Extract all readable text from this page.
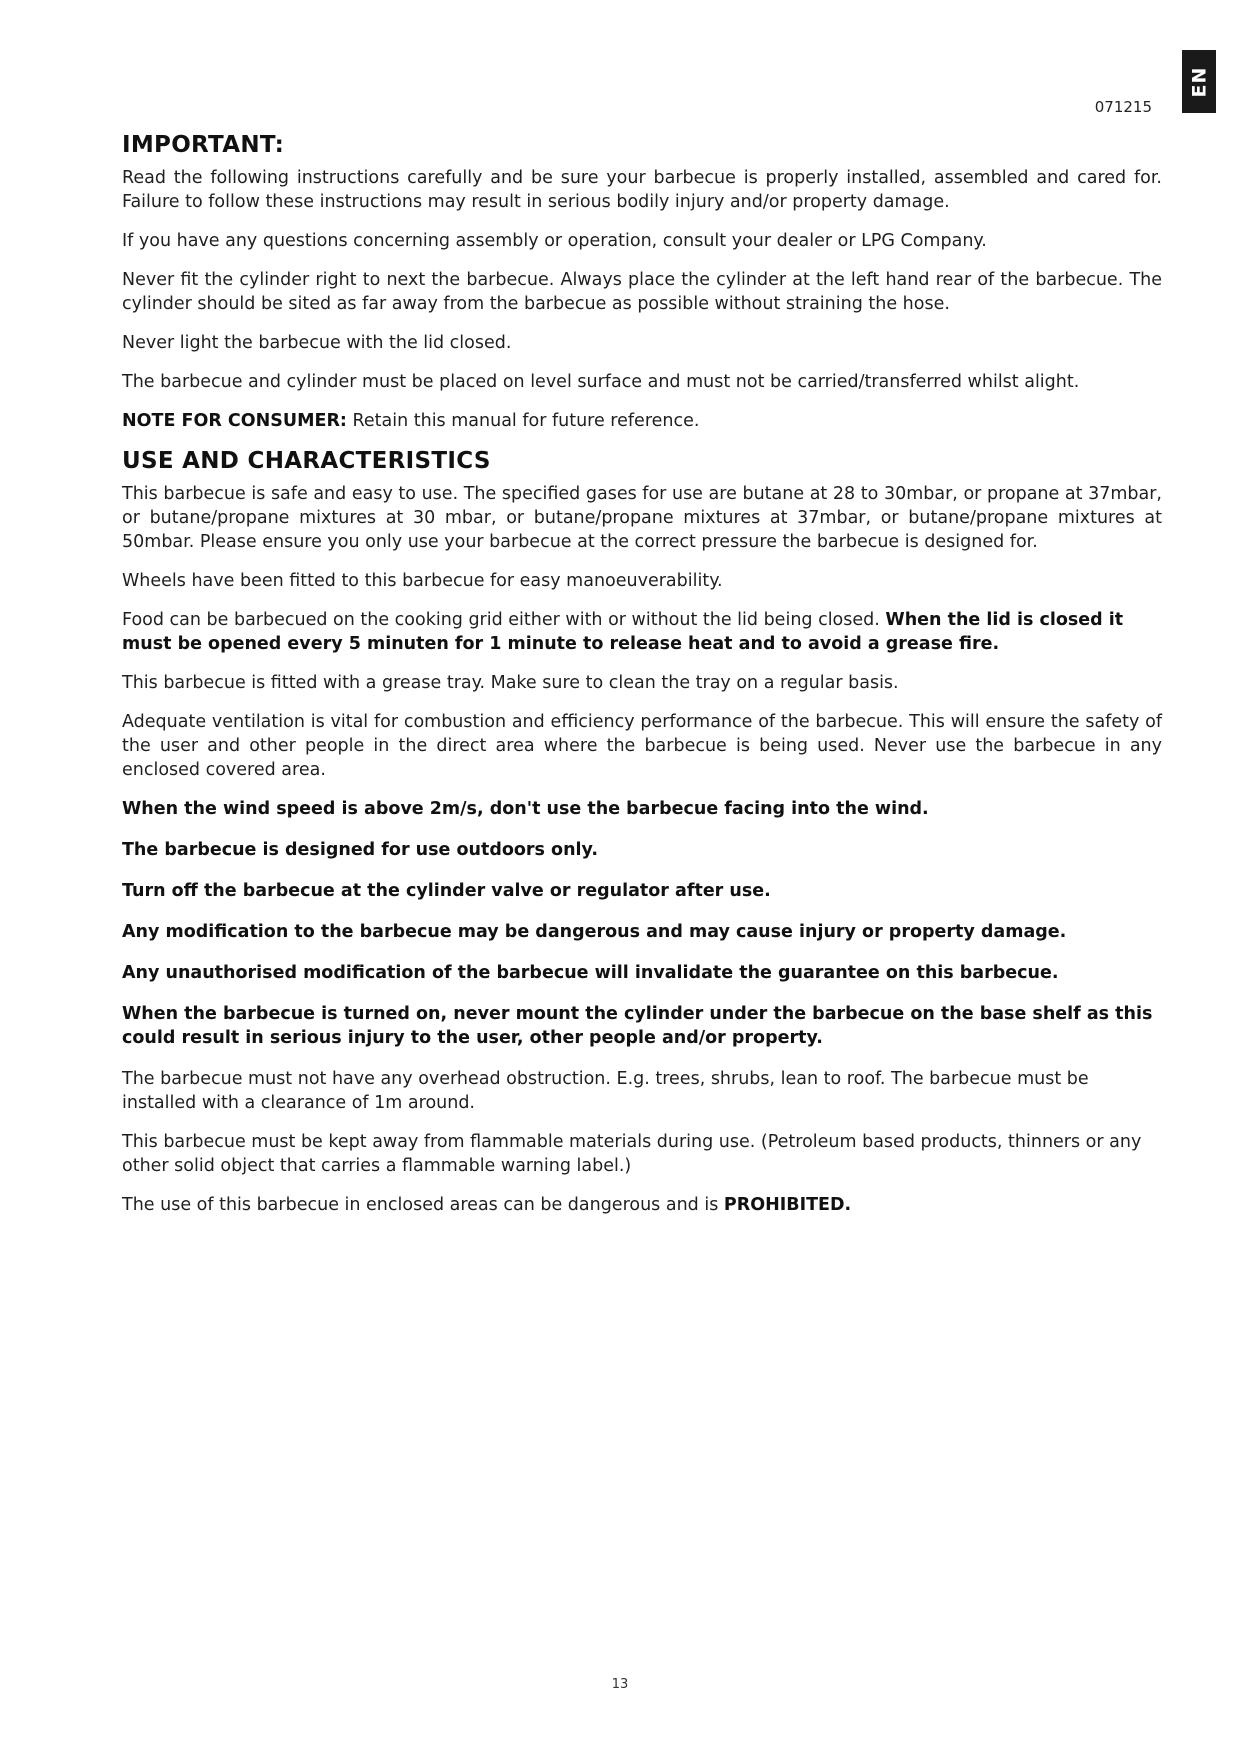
EN
071215
IMPORTANT:

Read the following instructions carefully and be sure your barbecue is properly installed, assembled and cared for. Failure to follow these instructions may result in serious bodily injury and/or property damage.

If you have any questions concerning assembly or operation, consult your dealer or LPG Company.

Never fit the cylinder right to next the barbecue. Always place the cylinder at the left hand rear of the barbecue. The cylinder should be sited as far away from the barbecue as possible without straining the hose.

Never light the barbecue with the lid closed.

The barbecue and cylinder must be placed on level surface and must not be carried/transferred whilst alight.

NOTE FOR CONSUMER: Retain this manual for future reference.

USE AND CHARACTERISTICS

This barbecue is safe and easy to use. The specified gases for use are butane at 28 to 30mbar, or propane at 37mbar, or butane/propane mixtures at 30 mbar, or butane/propane mixtures at 37mbar, or butane/propane mixtures at 50mbar. Please ensure you only use your barbecue at the correct pressure the barbecue is designed for.

Wheels have been fitted to this barbecue for easy manoeuverability.

Food can be barbecued on the cooking grid either with or without the lid being closed. When the lid is closed it must be opened every 5 minuten for 1 minute to release heat and to avoid a grease fire.

This barbecue is fitted with a grease tray. Make sure to clean the tray on a regular basis.

Adequate ventilation is vital for combustion and efficiency performance of the barbecue. This will ensure the safety of the user and other people in the direct area where the barbecue is being used. Never use the barbecue in any enclosed covered area.

When the wind speed is above 2m/s, don't use the barbecue facing into the wind.

The barbecue is designed for use outdoors only.

Turn off the barbecue at the cylinder valve or regulator after use.

Any modification to the barbecue may be dangerous and may cause injury or property damage.

Any unauthorised modification of the barbecue will invalidate the guarantee on this barbecue.

When the barbecue is turned on, never mount the cylinder under the barbecue on the base shelf as this could result in serious injury to the user, other people and/or property.

The barbecue must not have any overhead obstruction. E.g. trees, shrubs, lean to roof. The barbecue must be installed with a clearance of 1m around.

This barbecue must be kept away from flammable materials during use. (Petroleum based products, thinners or any other solid object that carries a flammable warning label.)

The use of this barbecue in enclosed areas can be dangerous and is PROHIBITED.

13
